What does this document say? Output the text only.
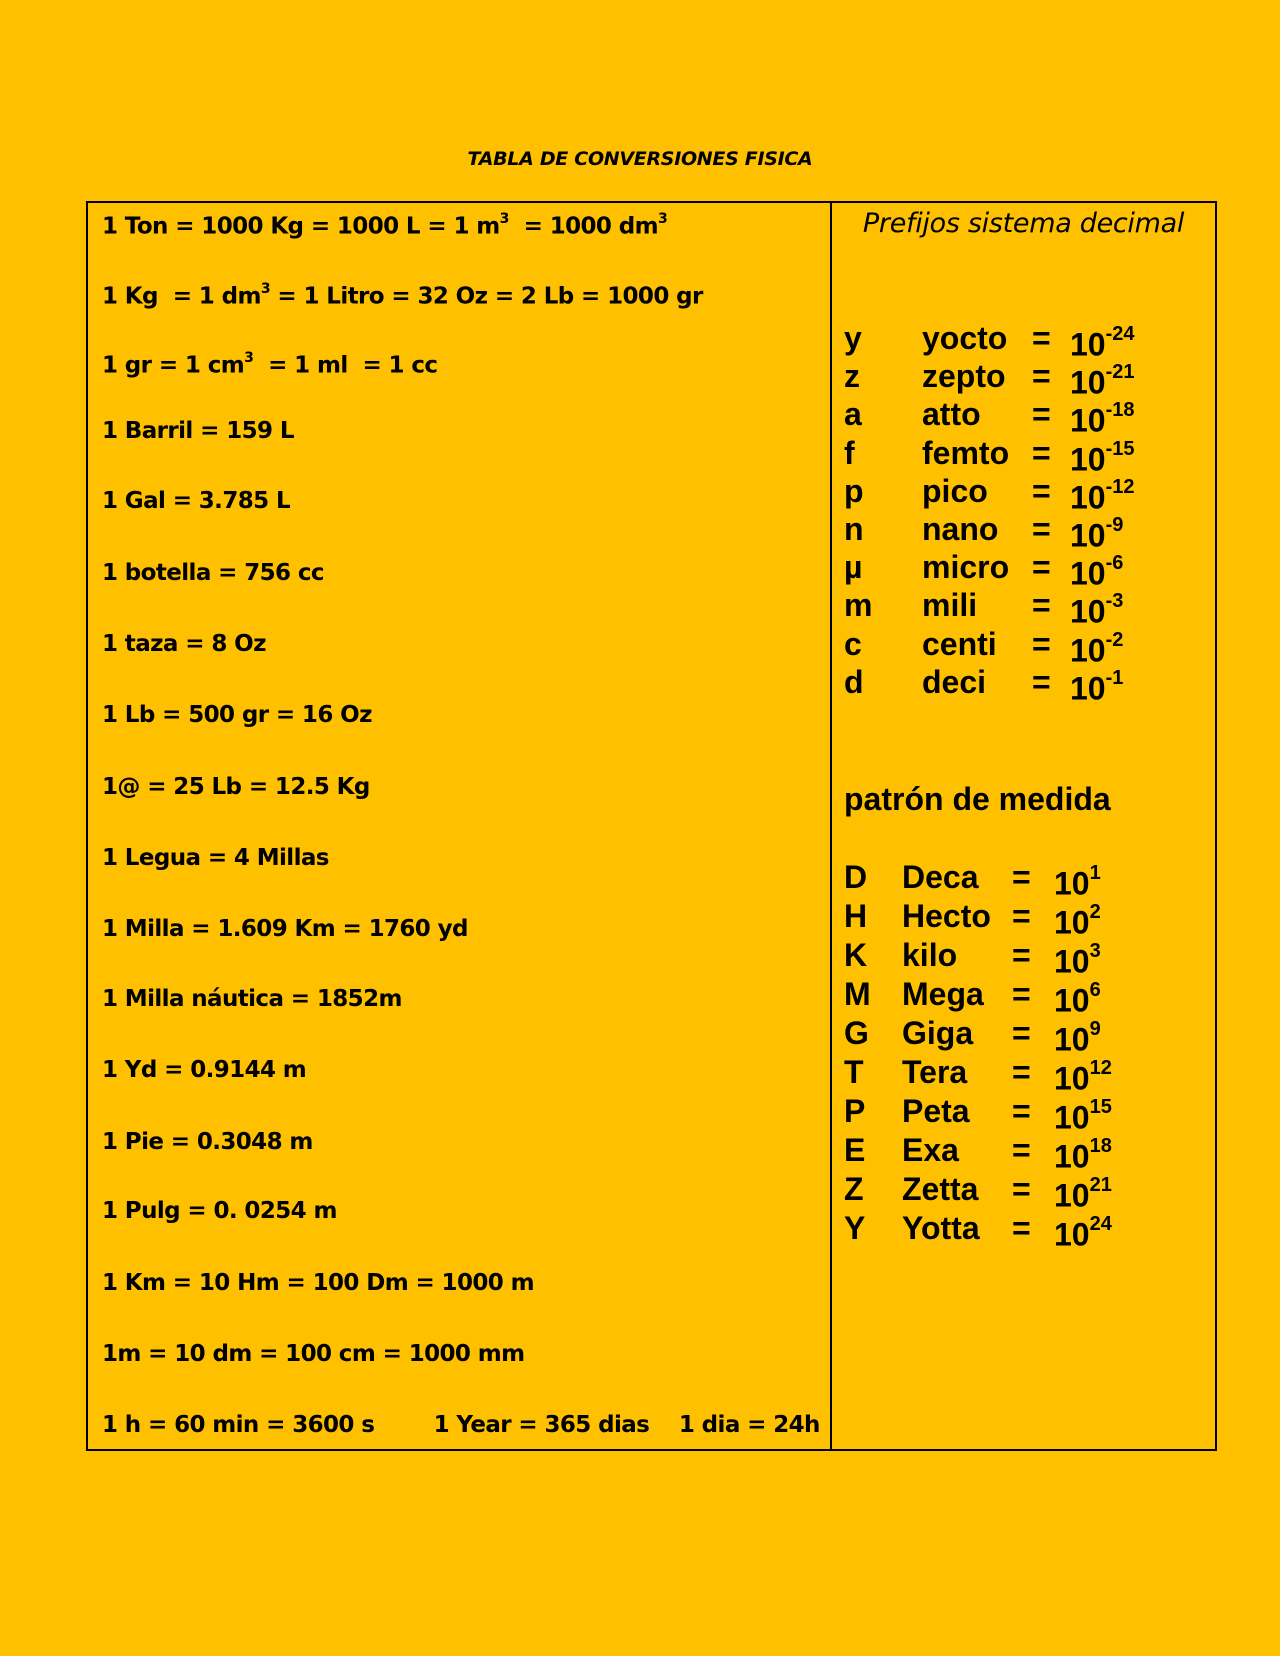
TABLA DE CONVERSIONES FISICA
1 Ton = 1000 Kg = 1000 L = 1 $m^3 = 1000$ $dm^3$
1 Kg  = 1 $dm^3 = 1$ Litro = 32 Oz = 2 Lb = 1000 gr
1 gr = 1 $cm^3 = 1$ ml  = 1 cc
1 Barril = 159 L
1 Gal = 3.785 L
1 botella = 756 cc
1 taza = 8 Oz
1 Lb = 500 gr = 16 Oz
1@ = 25 Lb = 12.5 Kg
1 Legua = 4 Millas
1 Milla = 1.609 Km = 1760 yd
1 Milla náutica = 1852m
1 Yd = 0.9144 m
1 Pie = 0.3048 m
1 Pulg = 0. 0254 m
1 Km = 10 Hm = 100 Dm = 1000 m
1m = 10 dm = 100 cm = 1000 mm
1 h = 60 min = 3600 s        1 Year = 365 dias    1 dia = 24h
Prefijos sistema decimal
y yocto = $10^{-24}$
z zepto = $10^{-21}$
a atto = $10^{-18}$
f femto = $10^{-15}$
p pico = $10^{-12}$
n nano = $10^{-9}$
µ micro = $10^{-6}$
m mili = $10^{-3}$
c centi = $10^{-2}$
d deci = $10^{-1}$
patrón de medida
D Deca = $10^1$
H Hecto = $10^2$
K kilo = $10^3$
M Mega = $10^6$
G Giga = $10^9$
T Tera = $10^{12}$
P Peta = $10^{15}$
E Exa = $10^{18}$
Z Zetta = $10^{21}$
Y Yotta = $10^{24}$
